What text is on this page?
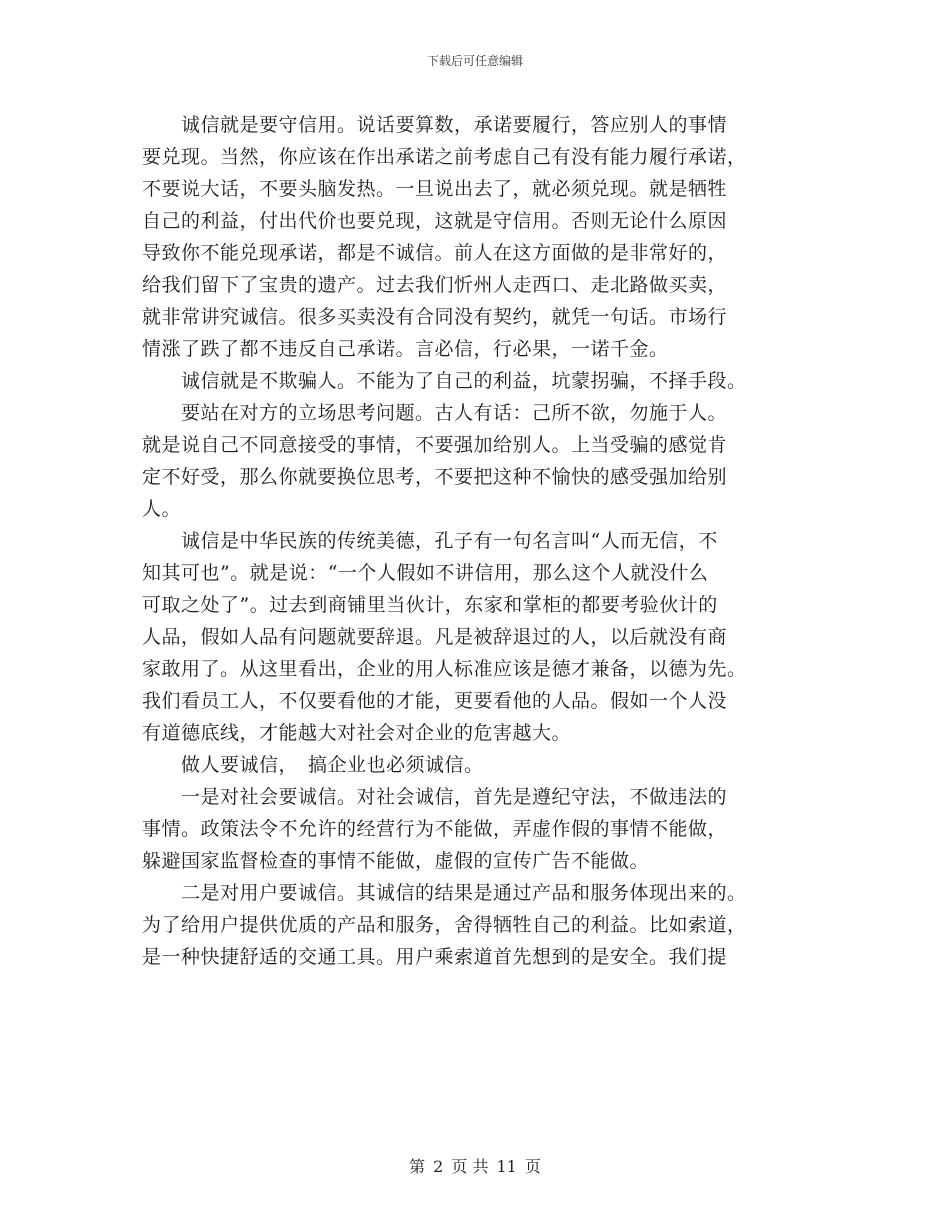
下载后可任意编辑
　　诚信就是要守信用。说话要算数，承诺要履行，答应别人的事情
要兑现。当然，你应该在作出承诺之前考虑自己有没有能力履行承诺，
不要说大话，不要头脑发热。一旦说出去了，就必须兑现。就是牺牲
自己的利益，付出代价也要兑现，这就是守信用。否则无论什么原因
导致你不能兑现承诺，都是不诚信。前人在这方面做的是非常好的，
给我们留下了宝贵的遗产。过去我们忻州人走西口、走北路做买卖，
就非常讲究诚信。很多买卖没有合同没有契约，就凭一句话。市场行
情涨了跌了都不违反自己承诺。言必信，行必果，一诺千金。
　　诚信就是不欺骗人。不能为了自己的利益，坑蒙拐骗，不择手段。
　　要站在对方的立场思考问题。古人有话：己所不欲，勿施于人。
就是说自己不同意接受的事情，不要强加给别人。上当受骗的感觉肯
定不好受，那么你就要换位思考，不要把这种不愉快的感受强加给别
人。
　　诚信是中华民族的传统美德，孔子有一句名言叫“人而无信，不
知其可也”。就是说：“一个人假如不讲信用，那么这个人就没什么
可取之处了”。过去到商铺里当伙计，东家和掌柜的都要考验伙计的
人品，假如人品有问题就要辞退。凡是被辞退过的人，以后就没有商
家敢用了。从这里看出，企业的用人标准应该是德才兼备，以德为先。
我们看员工人，不仅要看他的才能，更要看他的人品。假如一个人没
有道德底线，才能越大对社会对企业的危害越大。
　　做人要诚信，　搞企业也必须诚信。
　　一是对社会要诚信。对社会诚信，首先是遵纪守法，不做违法的
事情。政策法令不允许的经营行为不能做，弄虚作假的事情不能做，
躲避国家监督检查的事情不能做，虚假的宣传广告不能做。
　　二是对用户要诚信。其诚信的结果是通过产品和服务体现出来的。
为了给用户提供优质的产品和服务，舍得牺牲自己的利益。比如索道，
是一种快捷舒适的交通工具。用户乘索道首先想到的是安全。我们提
第 2 页 共 11 页
